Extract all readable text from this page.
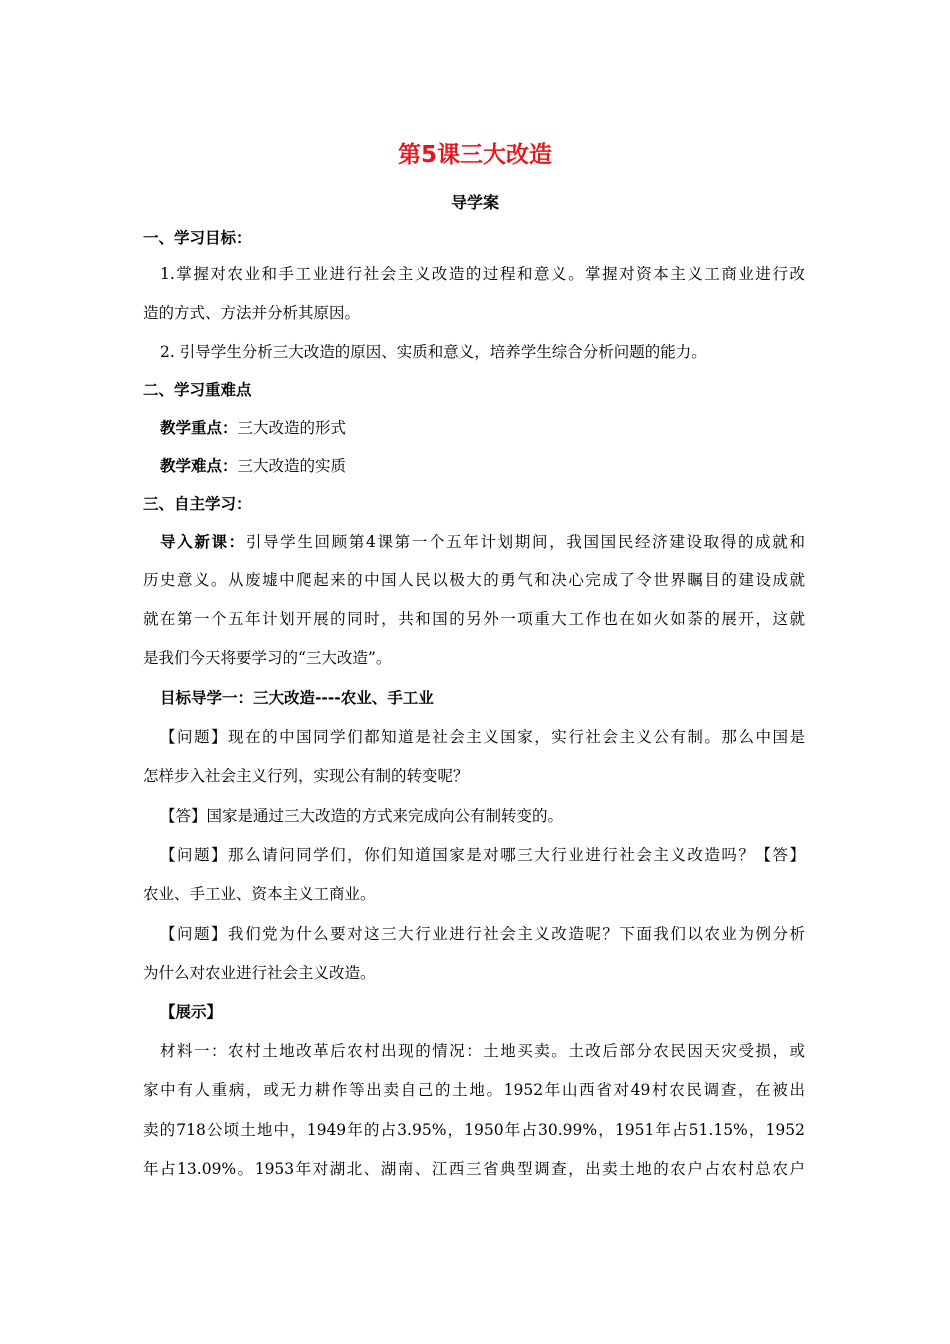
第5课三大改造
导学案
一、学习目标：
1.掌握对农业和手工业进行社会主义改造的过程和意义。掌握对资本主义工商业进行改
造的方式、方法并分析其原因。
2. 引导学生分析三大改造的原因、实质和意义，培养学生综合分析问题的能力。
二、学习重难点
教学重点：三大改造的形式
教学难点：三大改造的实质
三、自主学习：
导入新课：引导学生回顾第4课第一个五年计划期间，我国国民经济建设取得的成就和
历史意义。从废墟中爬起来的中国人民以极大的勇气和决心完成了令世界瞩目的建设成就
就在第一个五年计划开展的同时，共和国的另外一项重大工作也在如火如荼的展开，这就
是我们今天将要学习的“三大改造”。
目标导学一：三大改造----农业、手工业
【问题】现在的中国同学们都知道是社会主义国家，实行社会主义公有制。那么中国是
怎样步入社会主义行列，实现公有制的转变呢？
【答】国家是通过三大改造的方式来完成向公有制转变的。
【问题】那么请问同学们，你们知道国家是对哪三大行业进行社会主义改造吗？【答】
农业、手工业、资本主义工商业。
【问题】我们党为什么要对这三大行业进行社会主义改造呢？下面我们以农业为例分析
为什么对农业进行社会主义改造。
【展示】
材料一：农村土地改革后农村出现的情况：土地买卖。土改后部分农民因天灾受损，或
家中有人重病，或无力耕作等出卖自己的土地。1952年山西省对49村农民调查，在被出
卖的718公顷土地中，1949年的占3.95%，1950年占30.99%，1951年占51.15%，1952
年占13.09%。1953年对湖北、湖南、江西三省典型调查，出卖土地的农户占农村总农户
